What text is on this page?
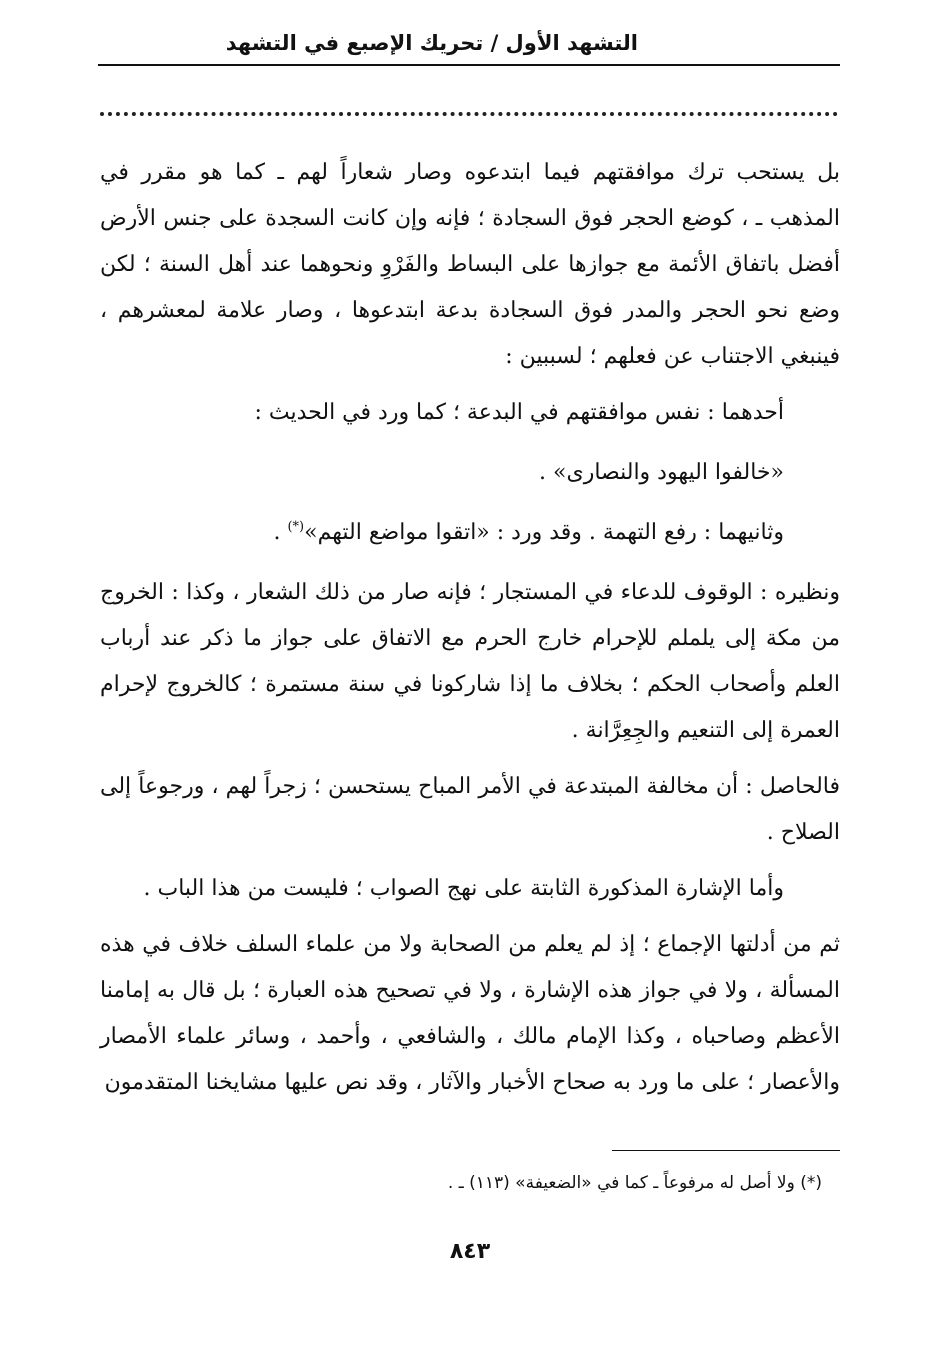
التشهد الأول / تحريك الإصبع في التشهد

بل يستحب ترك موافقتهم فيما ابتدعوه وصار شعاراً لهم ـ كما هو مقرر في المذهب ـ ، كوضع الحجر فوق السجادة ؛ فإنه وإن كانت السجدة على جنس الأرض أفضل باتفاق الأئمة مع جوازها على البساط والفَرْوِ ونحوهما عند أهل السنة ؛ لكن وضع نحو الحجر والمدر فوق السجادة بدعة ابتدعوها ، وصار علامة لمعشرهم ، فينبغي الاجتناب عن فعلهم ؛ لسببين :

أحدهما : نفس موافقتهم في البدعة ؛ كما ورد في الحديث :

«خالفوا اليهود والنصارى» .

وثانيهما : رفع التهمة . وقد ورد : «اتقوا مواضع التهم»(*) .

ونظيره : الوقوف للدعاء في المستجار ؛ فإنه صار من ذلك الشعار ، وكذا : الخروج من مكة إلى يلملم للإحرام خارج الحرم مع الاتفاق على جواز ما ذكر عند أرباب العلم وأصحاب الحكم ؛ بخلاف ما إذا شاركونا في سنة مستمرة ؛ كالخروج لإحرام العمرة إلى التنعيم والجِعِرَّانة .

فالحاصل : أن مخالفة المبتدعة في الأمر المباح يستحسن ؛ زجراً لهم ، ورجوعاً إلى الصلاح .

وأما الإشارة المذكورة الثابتة على نهج الصواب ؛ فليست من هذا الباب .

ثم من أدلتها الإجماع ؛ إذ لم يعلم من الصحابة ولا من علماء السلف خلاف في هذه المسألة ، ولا في جواز هذه الإشارة ، ولا في تصحيح هذه العبارة ؛ بل قال به إمامنا الأعظم وصاحباه ، وكذا الإمام مالك ، والشافعي ، وأحمد ، وسائر علماء الأمصار والأعصار ؛ على ما ورد به صحاح الأخبار والآثار ، وقد نص عليها مشايخنا المتقدمون

(*) ولا أصل له مرفوعاً ـ كما في «الضعيفة» (١١٣) ـ .
٨٤٣
